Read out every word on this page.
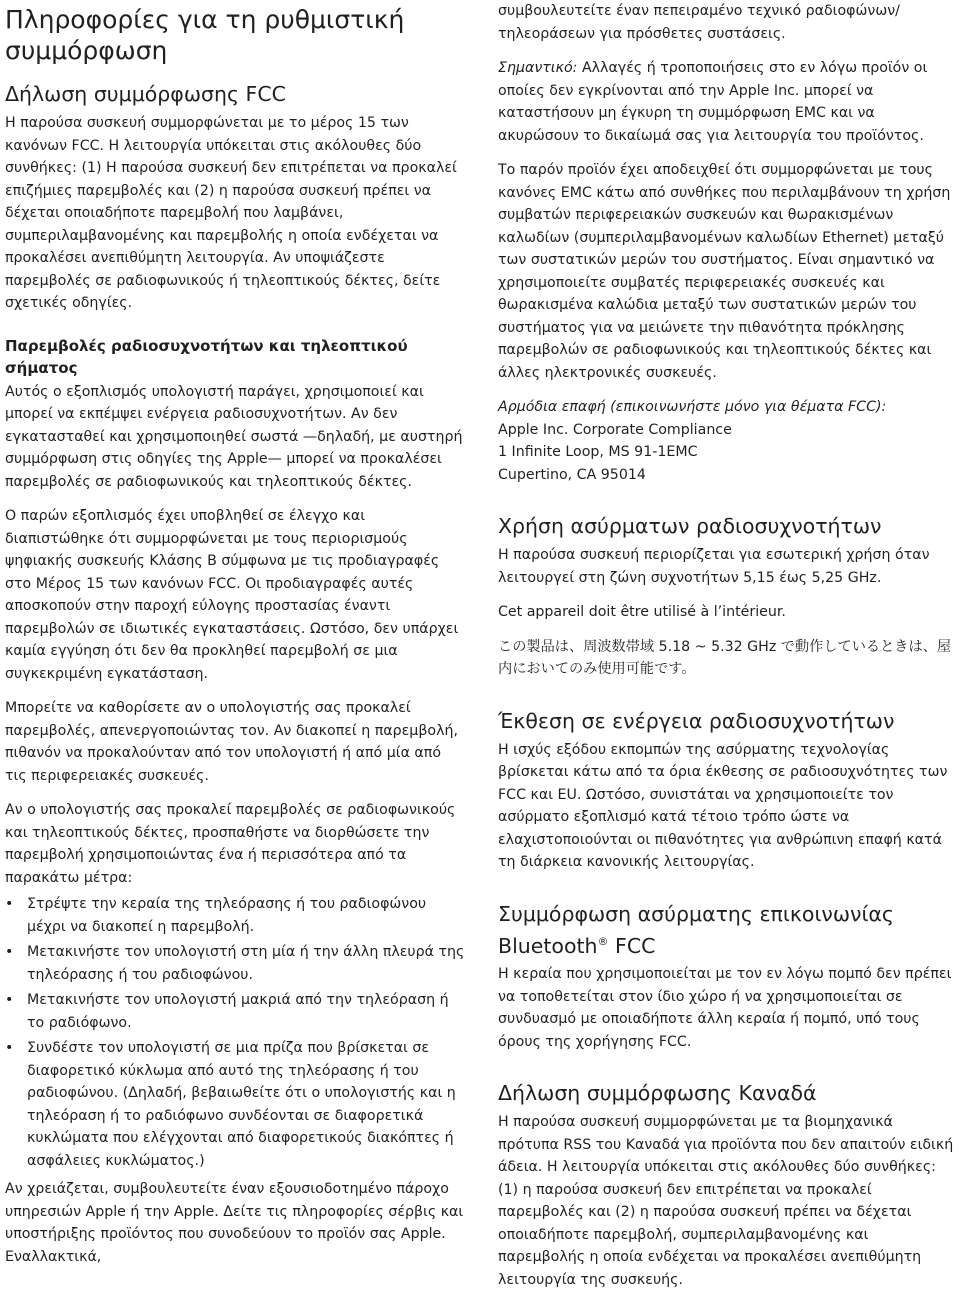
Πληροφορίες για τη ρυθμιστική συμμόρφωση
Δήλωση συμμόρφωσης FCC

Η παρούσα συσκευή συμμορφώνεται με το μέρος 15 των κανόνων FCC. Η λειτουργία υπόκειται στις ακόλουθες δύο συνθήκες: (1) Η παρούσα συσκευή δεν επιτρέπεται να προκαλεί επιζήμιες παρεμβολές και (2) η παρούσα συσκευή πρέπει να δέχεται οποιαδήποτε παρεμβολή που λαμβάνει, συμπεριλαμβανομένης και παρεμβολής η οποία ενδέχεται να προκαλέσει ανεπιθύμητη λειτουργία. Αν υποψιάζεστε παρεμβολές σε ραδιοφωνικούς ή τηλεοπτικούς δέκτες, δείτε σχετικές οδηγίες.

Παρεμβολές ραδιοσυχνοτήτων και τηλεοπτικού σήματος

Αυτός ο εξοπλισμός υπολογιστή παράγει, χρησιμοποιεί και μπορεί να εκπέμψει ενέργεια ραδιοσυχνοτήτων. Αν δεν εγκατασταθεί και χρησιμοποιηθεί σωστά —δηλαδή, με αυστηρή συμμόρφωση στις οδηγίες της Apple— μπορεί να προκαλέσει παρεμβολές σε ραδιοφωνικούς και τηλεοπτικούς δέκτες.

Ο παρών εξοπλισμός έχει υποβληθεί σε έλεγχο και διαπιστώθηκε ότι συμμορφώνεται με τους περιορισμούς ψηφιακής συσκευής Κλάσης B σύμφωνα με τις προδιαγραφές στο Μέρος 15 των κανόνων FCC. Οι προδιαγραφές αυτές αποσκοπούν στην παροχή εύλογης προστασίας έναντι παρεμβολών σε ιδιωτικές εγκαταστάσεις. Ωστόσο, δεν υπάρχει καμία εγγύηση ότι δεν θα προκληθεί παρεμβολή σε μια συγκεκριμένη εγκατάσταση.

Μπορείτε να καθορίσετε αν ο υπολογιστής σας προκαλεί παρεμβολές, απενεργοποιώντας τον. Αν διακοπεί η παρεμβολή, πιθανόν να προκαλούνταν από τον υπολογιστή ή από μία από τις περιφερειακές συσκευές.

Αν ο υπολογιστής σας προκαλεί παρεμβολές σε ραδιοφωνικούς και τηλεοπτικούς δέκτες, προσπαθήστε να διορθώσετε την παρεμβολή χρησιμοποιώντας ένα ή περισσότερα από τα παρακάτω μέτρα:

• Στρέψτε την κεραία της τηλεόρασης ή του ραδιοφώνου μέχρι να διακοπεί η παρεμβολή.
• Μετακινήστε τον υπολογιστή στη μία ή την άλλη πλευρά της τηλεόρασης ή του ραδιοφώνου.
• Μετακινήστε τον υπολογιστή μακριά από την τηλεόραση ή το ραδιόφωνο.
• Συνδέστε τον υπολογιστή σε μια πρίζα που βρίσκεται σε διαφορετικό κύκλωμα από αυτό της τηλεόρασης ή του ραδιοφώνου. (Δηλαδή, βεβαιωθείτε ότι ο υπολογιστής και η τηλεόραση ή το ραδιόφωνο συνδέονται σε διαφορετικά κυκλώματα που ελέγχονται από διαφορετικούς διακόπτες ή ασφάλειες κυκλώματος.)

Αν χρειάζεται, συμβουλευτείτε έναν εξουσιοδοτημένο πάροχο υπηρεσιών Apple ή την Apple. Δείτε τις πληροφορίες σέρβις και υποστήριξης προϊόντος που συνοδεύουν το προϊόν σας Apple. Εναλλακτικά,

συμβουλευτείτε έναν πεπειραμένο τεχνικό ραδιοφώνων/τηλεοράσεων για πρόσθετες συστάσεις.

Σημαντικό: Αλλαγές ή τροποποιήσεις στο εν λόγω προϊόν οι οποίες δεν εγκρίνονται από την Apple Inc. μπορεί να καταστήσουν μη έγκυρη τη συμμόρφωση EMC και να ακυρώσουν το δικαίωμά σας για λειτουργία του προϊόντος.

Το παρόν προϊόν έχει αποδειχθεί ότι συμμορφώνεται με τους κανόνες EMC κάτω από συνθήκες που περιλαμβάνουν τη χρήση συμβατών περιφερειακών συσκευών και θωρακισμένων καλωδίων (συμπεριλαμβανομένων καλωδίων Ethernet) μεταξύ των συστατικών μερών του συστήματος. Είναι σημαντικό να χρησιμοποιείτε συμβατές περιφερειακές συσκευές και θωρακισμένα καλώδια μεταξύ των συστατικών μερών του συστήματος για να μειώνετε την πιθανότητα πρόκλησης παρεμβολών σε ραδιοφωνικούς και τηλεοπτικούς δέκτες και άλλες ηλεκτρονικές συσκευές.

Αρμόδια επαφή (επικοινωνήστε μόνο για θέματα FCC):

Apple Inc. Corporate Compliance

1 Infinite Loop, MS 91-1EMC

Cupertino, CA 95014

Χρήση ασύρματων ραδιοσυχνοτήτων

Η παρούσα συσκευή περιορίζεται για εσωτερική χρήση όταν λειτουργεί στη ζώνη συχνοτήτων 5,15 έως 5,25 GHz.

Cet appareil doit être utilisé à l’intérieur.

この製品は、周波数帯域 5.18 ~ 5.32 GHz で動作しているときは、屋内においてのみ使用可能です。

Έκθεση σε ενέργεια ραδιοσυχνοτήτων

Η ισχύς εξόδου εκπομπών της ασύρματης τεχνολογίας βρίσκεται κάτω από τα όρια έκθεσης σε ραδιοσυχνότητες των FCC και EU. Ωστόσο, συνιστάται να χρησιμοποιείτε τον ασύρματο εξοπλισμό κατά τέτοιο τρόπο ώστε να ελαχιστοποιούνται οι πιθανότητες για ανθρώπινη επαφή κατά τη διάρκεια κανονικής λειτουργίας.

Συμμόρφωση ασύρματης επικοινωνίας
Bluetooth® FCC

Η κεραία που χρησιμοποιείται με τον εν λόγω πομπό δεν πρέπει να τοποθετείται στον ίδιο χώρο ή να χρησιμοποιείται σε συνδυασμό με οποιαδήποτε άλλη κεραία ή πομπό, υπό τους όρους της χορήγησης FCC.

Δήλωση συμμόρφωσης Καναδά

Η παρούσα συσκευή συμμορφώνεται με τα βιομηχανικά πρότυπα RSS του Καναδά για προϊόντα που δεν απαιτούν ειδική άδεια. Η λειτουργία υπόκειται στις ακόλουθες δύο συνθήκες: (1) η παρούσα συσκευή δεν επιτρέπεται να προκαλεί παρεμβολές και (2) η παρούσα συσκευή πρέπει να δέχεται οποιαδήποτε παρεμβολή, συμπεριλαμβανομένης και παρεμβολής η οποία ενδέχεται να προκαλέσει ανεπιθύμητη λειτουργία της συσκευής.
